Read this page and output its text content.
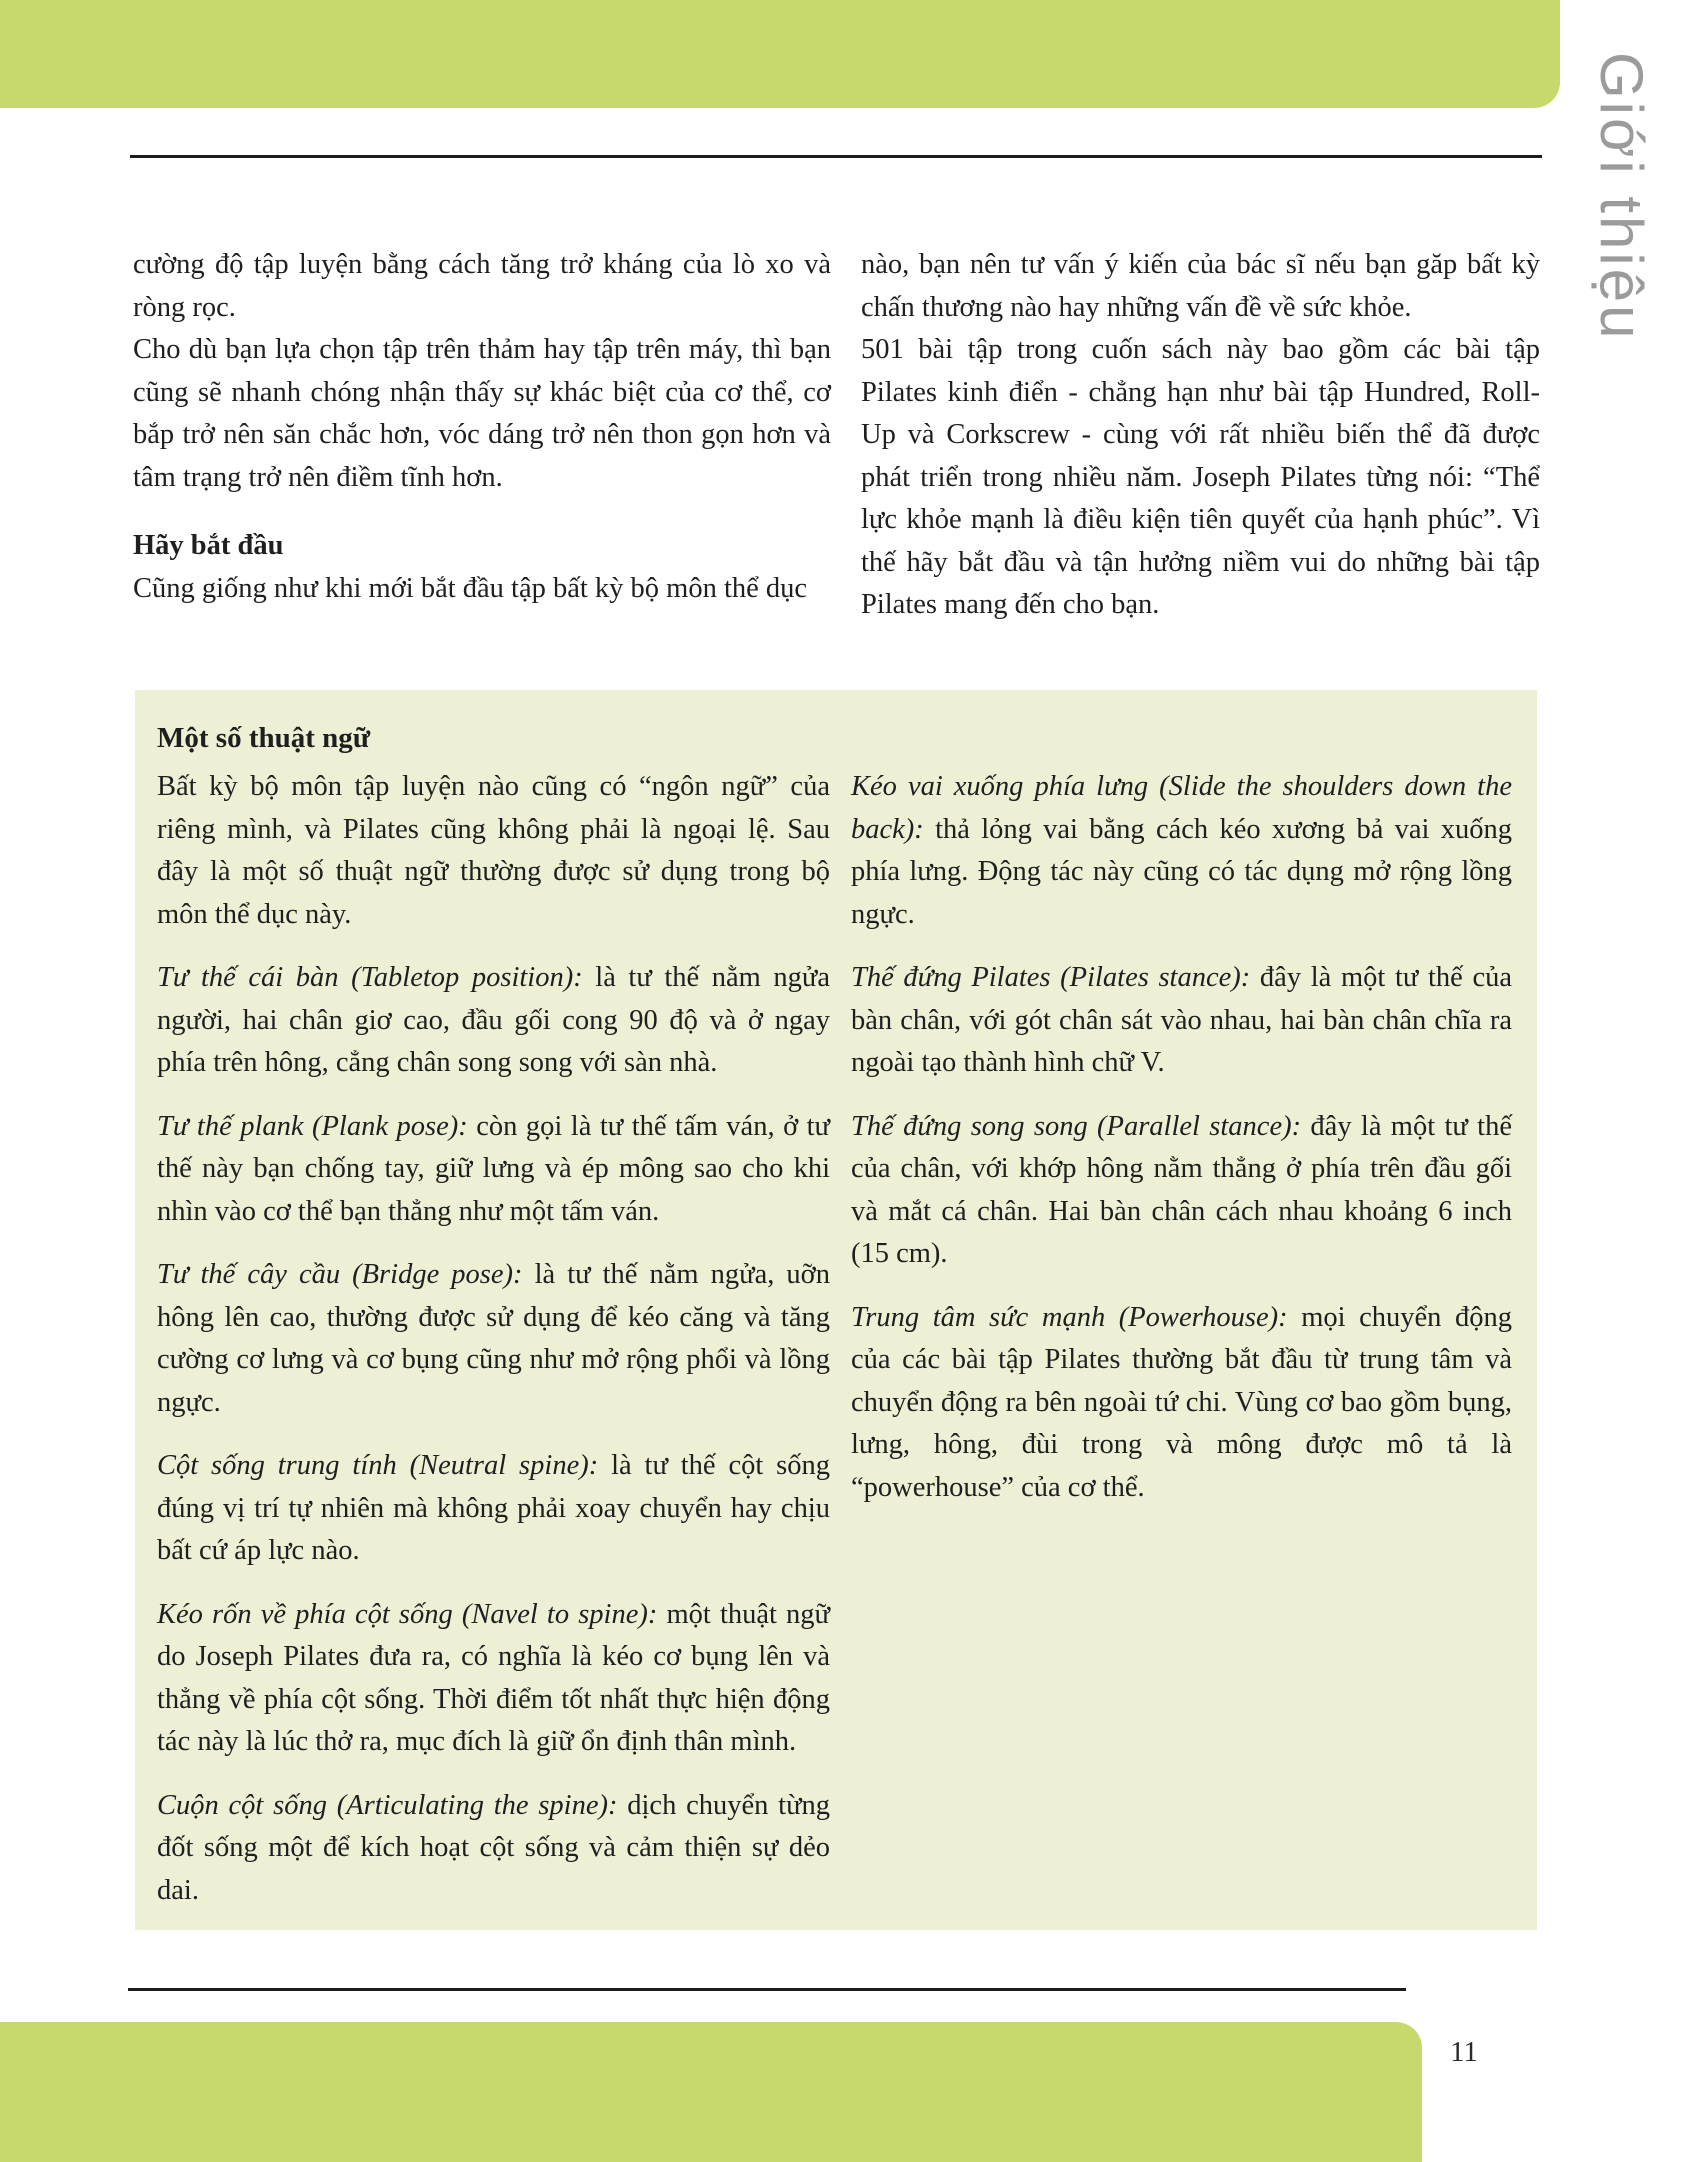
Giới thiệu

cường độ tập luyện bằng cách tăng trở kháng của lò xo và ròng rọc.

Cho dù bạn lựa chọn tập trên thảm hay tập trên máy, thì bạn cũng sẽ nhanh chóng nhận thấy sự khác biệt của cơ thể, cơ bắp trở nên săn chắc hơn, vóc dáng trở nên thon gọn hơn và tâm trạng trở nên điềm tĩnh hơn.

Hãy bắt đầu

Cũng giống như khi mới bắt đầu tập bất kỳ bộ môn thể dục

nào, bạn nên tư vấn ý kiến của bác sĩ nếu bạn găp bất kỳ chấn thương nào hay những vấn đề về sức khỏe.

501 bài tập trong cuốn sách này bao gồm các bài tập Pilates kinh điển - chẳng hạn như bài tập Hundred, Roll-Up và Corkscrew - cùng với rất nhiều biến thể đã được phát triển trong nhiều năm. Joseph Pilates từng nói: “Thể lực khỏe mạnh là điều kiện tiên quyết của hạnh phúc”. Vì thế hãy bắt đầu và tận hưởng niềm vui do những bài tập Pilates mang đến cho bạn.

Một số thuật ngữ

Bất kỳ bộ môn tập luyện nào cũng có “ngôn ngữ” của riêng mình, và Pilates cũng không phải là ngoại lệ. Sau đây là một số thuật ngữ thường được sử dụng trong bộ môn thể dục này.

Tư thế cái bàn (Tabletop position): là tư thế nằm ngửa người, hai chân giơ cao, đầu gối cong 90 độ và ở ngay phía trên hông, cẳng chân song song với sàn nhà.

Tư thế plank (Plank pose): còn gọi là tư thế tấm ván, ở tư thế này bạn chống tay, giữ lưng và ép mông sao cho khi nhìn vào cơ thể bạn thẳng như một tấm ván.

Tư thế cây cầu (Bridge pose): là tư thế nằm ngửa, uỡn hông lên cao, thường được sử dụng để kéo căng và tăng cường cơ lưng và cơ bụng cũng như mở rộng phổi và lồng ngực.

Cột sống trung tính (Neutral spine): là tư thế cột sống đúng vị trí tự nhiên mà không phải xoay chuyển hay chịu bất cứ áp lực nào.

Kéo rốn về phía cột sống (Navel to spine): một thuật ngữ do Joseph Pilates đưa ra, có nghĩa là kéo cơ bụng lên và thẳng về phía cột sống. Thời điểm tốt nhất thực hiện động tác này là lúc thở ra, mục đích là giữ ổn định thân mình.

Cuộn cột sống (Articulating the spine): dịch chuyển từng đốt sống một để kích hoạt cột sống và cảm thiện sự dẻo dai.

Kéo vai xuống phía lưng (Slide the shoulders down the back): thả lỏng vai bằng cách kéo xương bả vai xuống phía lưng. Động tác này cũng có tác dụng mở rộng lồng ngực.

Thế đứng Pilates (Pilates stance): đây là một tư thế của bàn chân, với gót chân sát vào nhau, hai bàn chân chĩa ra ngoài tạo thành hình chữ V.

Thế đứng song song (Parallel stance): đây là một tư thế của chân, với khớp hông nằm thẳng ở phía trên đầu gối và mắt cá chân. Hai bàn chân cách nhau khoảng 6 inch (15 cm).

Trung tâm sức mạnh (Powerhouse): mọi chuyển động của các bài tập Pilates thường bắt đầu từ trung tâm và chuyển động ra bên ngoài tứ chi. Vùng cơ bao gồm bụng, lưng, hông, đùi trong và mông được mô tả là “powerhouse” của cơ thể.

11
